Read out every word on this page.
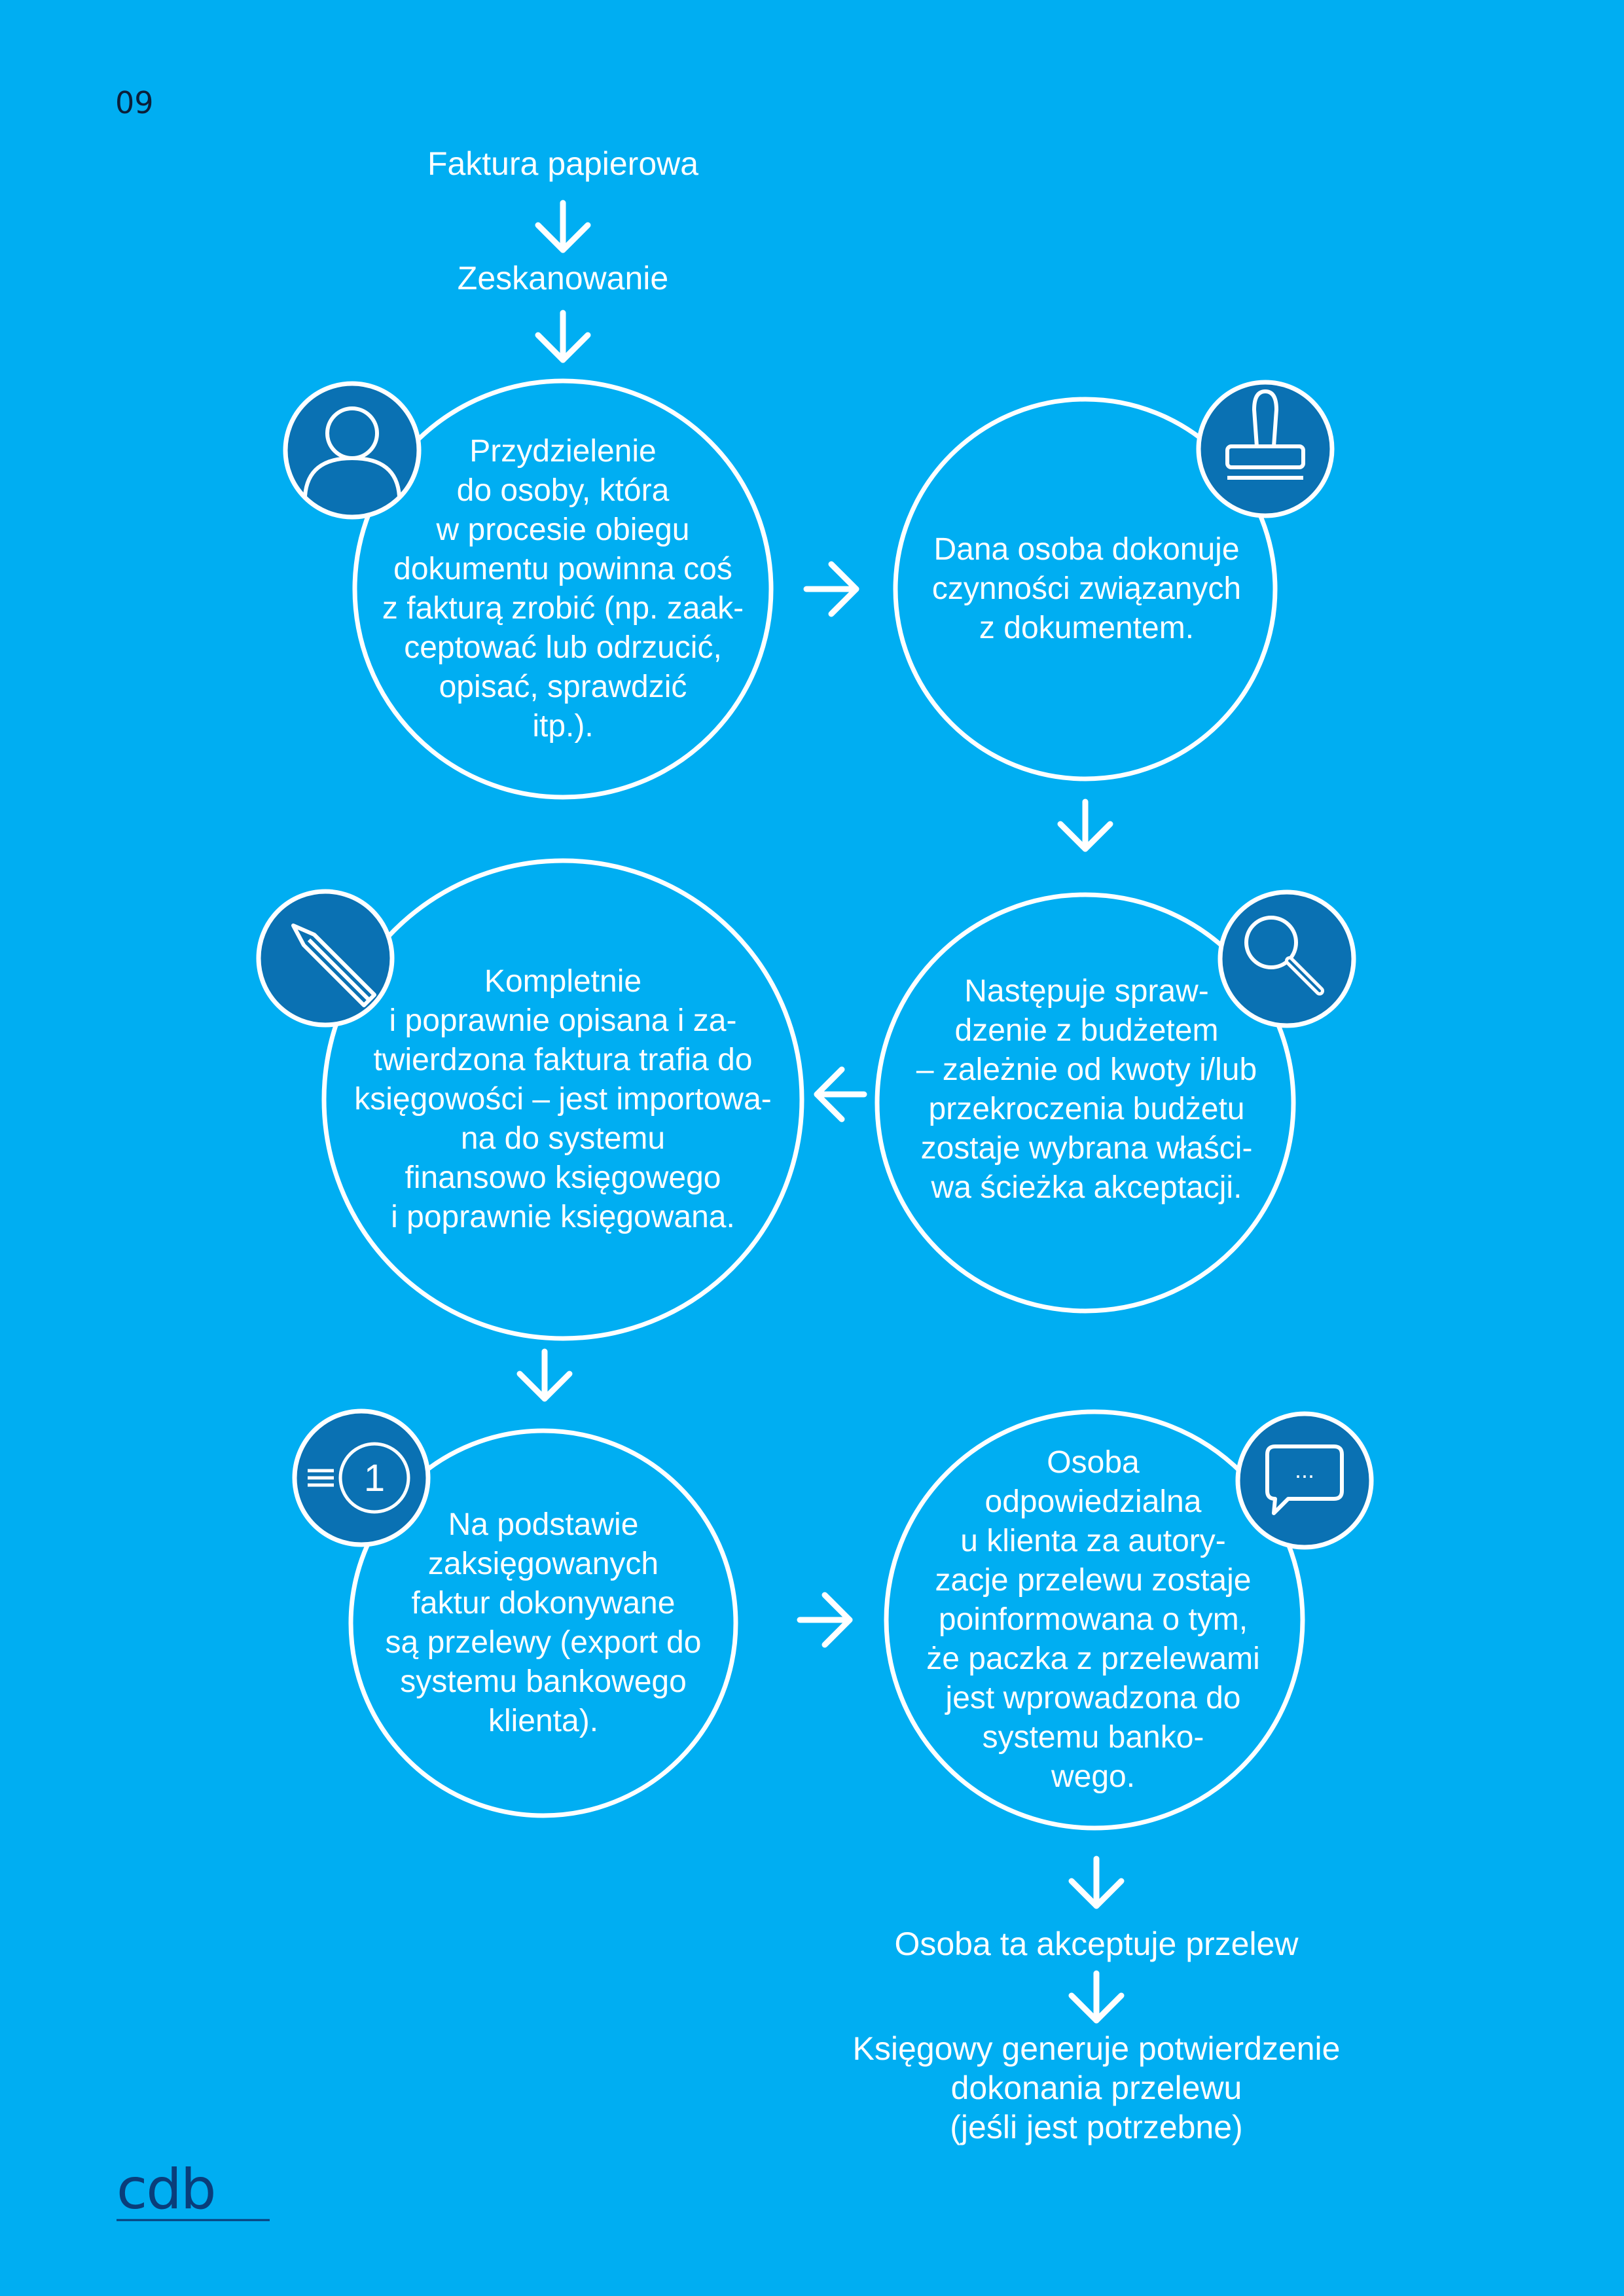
09
1	...
Faktura papierowa
Zeskanowanie
Przydzielenie
do osoby, która
w procesie obiegu
dokumentu powinna coś
z fakturą zrobić (np. zaak-
ceptować lub odrzucić,
opisać, sprawdzić
itp.).
Dana osoba dokonuje
czynności związanych
z dokumentem.
Kompletnie
i poprawnie opisana i za-
twierdzona faktura trafia do
księgowości – jest importowa-
na do systemu
finansowo księgowego
i poprawnie księgowana.
Następuje spraw-
dzenie z budżetem
– zależnie od kwoty i/lub
przekroczenia budżetu
zostaje wybrana właści-
wa ścieżka akceptacji.
Na podstawie
zaksięgowanych
faktur dokonywane
są przelewy (export do
systemu bankowego
klienta).
Osoba
odpowiedzialna
u klienta za autory-
zacje przelewu zostaje
poinformowana o tym,
że paczka z przelewami
jest wprowadzona do
systemu banko-
wego.
Osoba ta akceptuje przelew
Księgowy generuje potwierdzenie
dokonania przelewu
(jeśli jest potrzebne)
cdb
